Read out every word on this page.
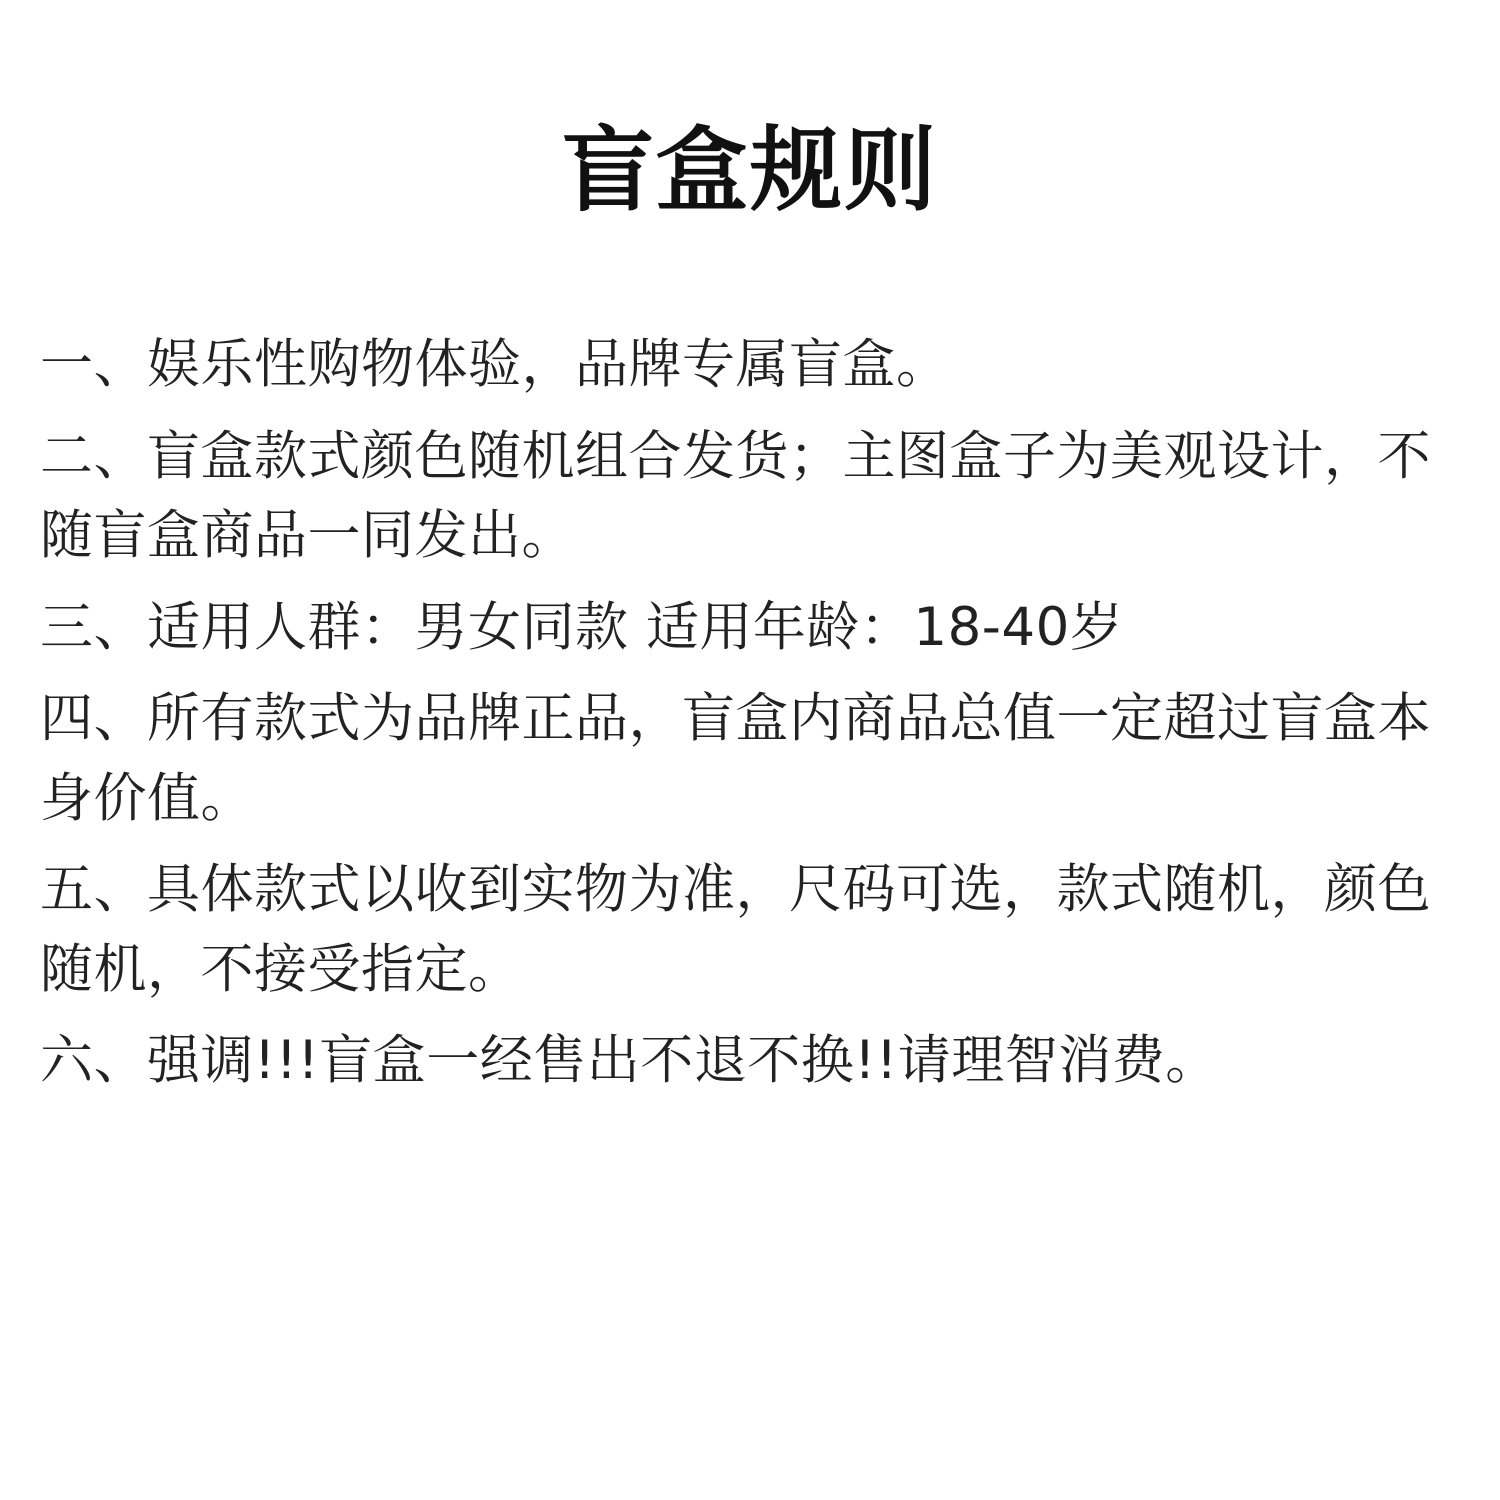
盲盒规则
一、娱乐性购物体验，品牌专属盲盒。
二、盲盒款式颜色随机组合发货；主图盒子为美观设计，不随盲盒商品一同发出。
三、适用人群：男女同款 适用年龄：18-40岁
四、所有款式为品牌正品，盲盒内商品总值一定超过盲盒本身价值。
五、具体款式以收到实物为准，尺码可选，款式随机，颜色随机，不接受指定。
六、强调!!!盲盒一经售出不退不换!!请理智消费。
